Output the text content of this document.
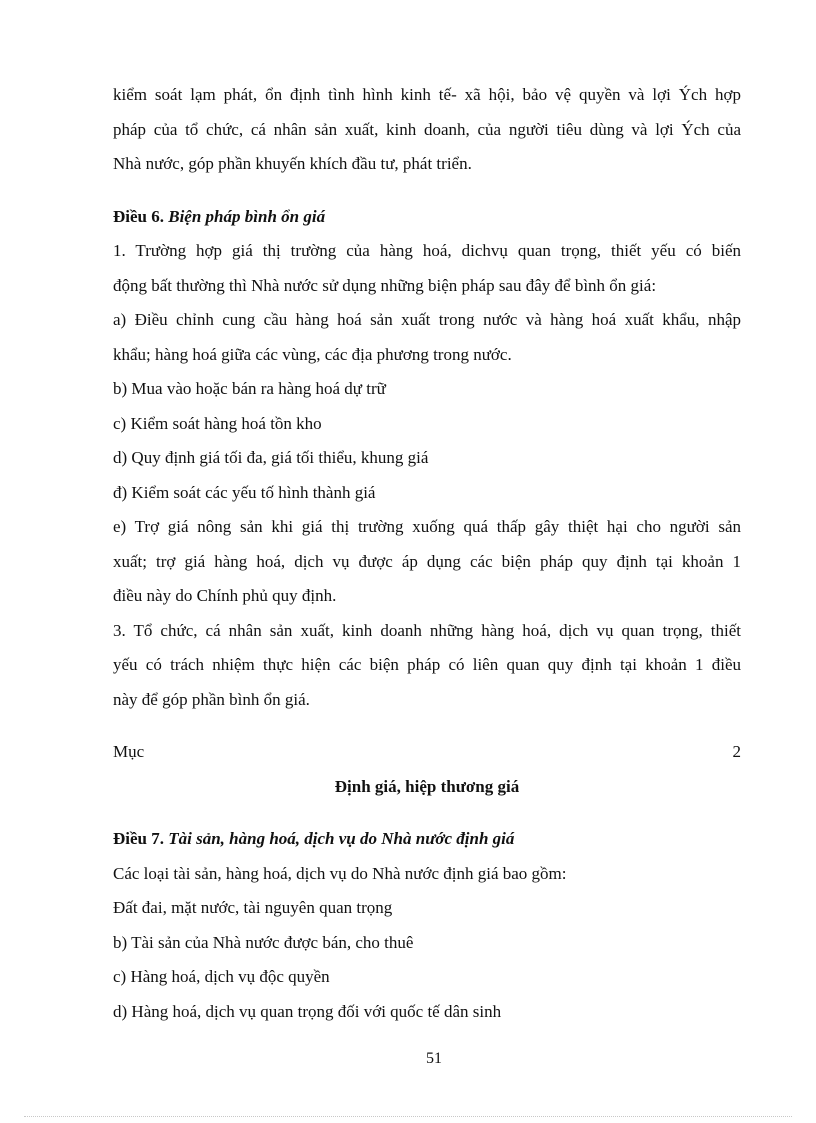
kiểm soát lạm phát, ổn định tình hình kinh tế- xã hội, bảo vệ quyền và lợi Ých hợp
pháp của tổ chức, cá nhân sản xuất, kinh doanh, của người tiêu dùng và lợi Ých của
Nhà nước, góp phần khuyến khích đầu tư, phát triển.
Điều 6. Biện pháp bình ổn giá
1. Trường hợp giá thị trường của hàng hoá, dichvụ quan trọng, thiết yếu có biến
động bất thường thì Nhà nước sử dụng những biện pháp sau đây để bình ổn giá:
a) Điều chỉnh cung cầu hàng hoá sản xuất trong nước và hàng hoá xuất khẩu, nhập
khẩu; hàng hoá giữa các vùng, các địa phương trong nước.
b) Mua vào hoặc bán ra hàng hoá dự trữ
c) Kiểm soát hàng hoá tồn kho
d) Quy định giá tối đa, giá tối thiểu, khung giá
đ) Kiểm soát các yếu tố hình thành giá
e) Trợ giá nông sản khi giá thị trường xuống quá thấp gây thiệt hại cho người sản
xuất; trợ giá hàng hoá, dịch vụ được áp dụng các biện pháp quy định tại khoản 1
điều này do Chính phủ quy định.
3. Tổ chức, cá nhân sản xuất, kinh doanh những hàng hoá, dịch vụ quan trọng, thiết
yếu có trách nhiệm thực hiện các biện pháp có liên quan quy định tại khoản 1 điều
này để góp phần bình ổn giá.
Mục	2
Định giá, hiệp thương giá
Điều 7. Tài sản, hàng hoá, dịch vụ do Nhà nước định giá
Các loại tài sản, hàng hoá, dịch vụ do Nhà nước định giá bao gồm:
Đất đai, mặt nước, tài nguyên quan trọng
b) Tài sản của Nhà nước được bán, cho thuê
c) Hàng hoá, dịch vụ độc quyền
d) Hàng hoá, dịch vụ quan trọng đối với quốc tế dân sinh
51
